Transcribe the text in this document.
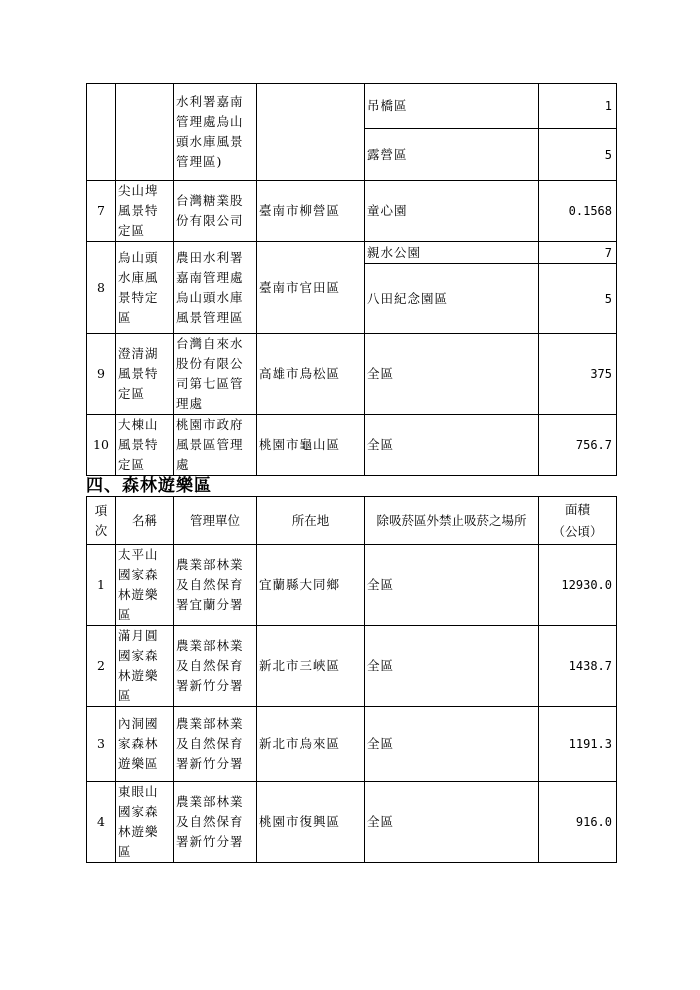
		水利署嘉南管理處烏山頭水庫風景管理區)		吊橋區	1
				露營區	5
7	尖山埤風景特定區	台灣糖業股份有限公司	臺南市柳營區	童心園	0.1568
8	烏山頭水庫風景特定區	農田水利署嘉南管理處烏山頭水庫風景管理區	臺南市官田區	親水公園	7
				八田紀念園區	5
9	澄清湖風景特定區	台灣自來水股份有限公司第七區管理處	高雄市鳥松區	全區	375
10	大棟山風景特定區	桃園市政府風景區管理處	桃園市龜山區	全區	756.7
四、森林遊樂區
項次	名稱	管理單位	所在地	除吸菸區外禁止吸菸之場所	面積
（公頃）
1	太平山國家森林遊樂區	農業部林業及自然保育署宜蘭分署	宜蘭縣大同鄉	全區	12930.0
2	滿月圓國家森林遊樂區	農業部林業及自然保育署新竹分署	新北市三峽區	全區	1438.7
3	內洞國家森林遊樂區	農業部林業及自然保育署新竹分署	新北市烏來區	全區	1191.3
4	東眼山國家森林遊樂區	農業部林業及自然保育署新竹分署	桃園市復興區	全區	916.0
